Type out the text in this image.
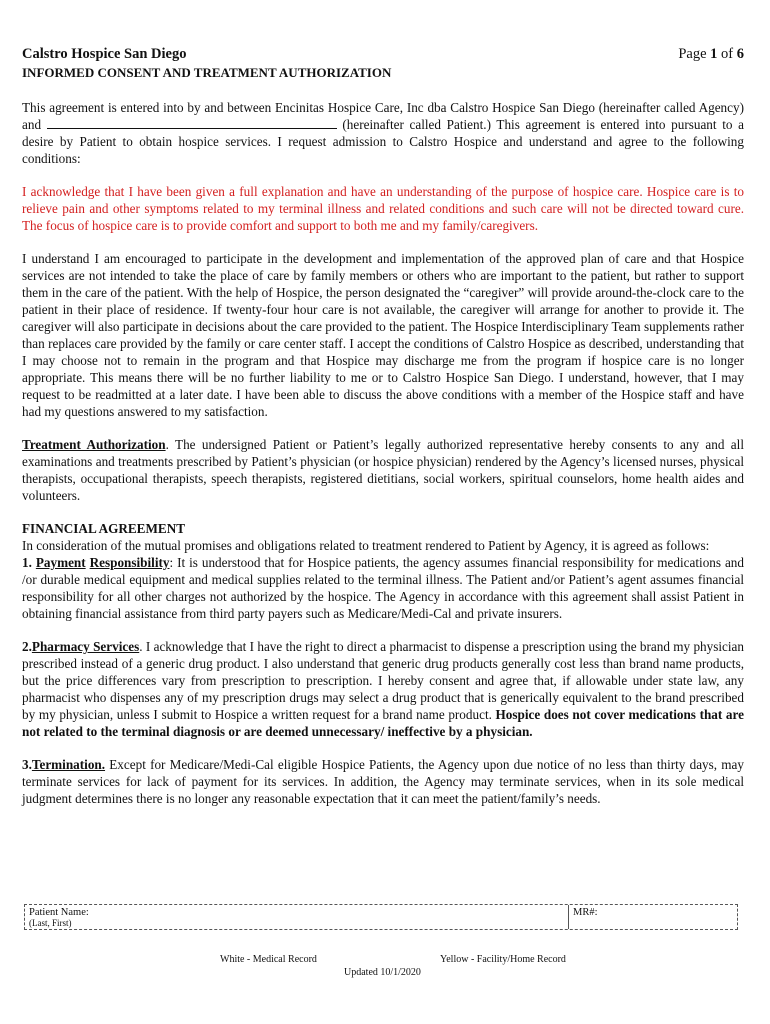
Calstro Hospice San Diego	Page 1 of 6
INFORMED CONSENT AND TREATMENT AUTHORIZATION

This agreement is entered into by and between Encinitas Hospice Care, Inc dba Calstro Hospice San Diego (hereinafter called Agency) and	(hereinafter called Patient.) This agreement is entered into pursuant to a desire by Patient to obtain hospice services. I request admission to Calstro Hospice and understand and agree to the following conditions:

I acknowledge that I have been given a full explanation and have an understanding of the purpose of hospice care. Hospice care is to relieve pain and other symptoms related to my terminal illness and related conditions and such care will not be directed toward cure. The focus of hospice care is to provide comfort and support to both me and my family/caregivers.

I understand I am encouraged to participate in the development and implementation of the approved plan of care and that Hospice services are not intended to take the place of care by family members or others who are important to the patient, but rather to support them in the care of the patient. With the help of Hospice, the person designated the “caregiver” will provide around-the-clock care to the patient in their place of residence. If twenty-four hour care is not available, the caregiver will arrange for another to provide it. The caregiver will also participate in decisions about the care provided to the patient. The Hospice Interdisciplinary Team supplements rather than replaces care provided by the family or care center staff. I accept the conditions of Calstro Hospice as described, understanding that I may choose not to remain in the program and that Hospice may discharge me from the program if hospice care is no longer appropriate. This means there will be no further liability to me or to Calstro Hospice San Diego. I understand, however, that I may request to be readmitted at a later date. I have been able to discuss the above conditions with a member of the Hospice staff and have had my questions answered to my satisfaction.

Treatment Authorization. The undersigned Patient or Patient’s legally authorized representative hereby consents to any and all examinations and treatments prescribed by Patient’s physician (or hospice physician) rendered by the Agency’s licensed nurses, physical therapists, occupational therapists, speech therapists, registered dietitians, social workers, spiritual counselors, home health aides and volunteers.

FINANCIAL AGREEMENT

In consideration of the mutual promises and obligations related to treatment rendered to Patient by Agency, it is agreed as follows:

1. Payment Responsibility: It is understood that for Hospice patients, the agency assumes financial responsibility for medications and /or durable medical equipment and medical supplies related to the terminal illness. The Patient and/or Patient’s agent assumes financial responsibility for all other charges not authorized by the hospice. The Agency in accordance with this agreement shall assist Patient in obtaining financial assistance from third party payers such as Medicare/Medi-Cal and private insurers.

2.Pharmacy Services. I acknowledge that I have the right to direct a pharmacist to dispense a prescription using the brand my physician prescribed instead of a generic drug product. I also understand that generic drug products generally cost less than brand name products, but the price differences vary from prescription to prescription. I hereby consent and agree that, if allowable under state law, any pharmacist who dispenses any of my prescription drugs may select a drug product that is generically equivalent to the brand prescribed by my physician, unless I submit to Hospice a written request for a brand name product. Hospice does not cover medications that are not related to the terminal diagnosis or are deemed unnecessary/ ineffective by a physician.

3.Termination. Except for Medicare/Medi-Cal eligible Hospice Patients, the Agency upon due notice of no less than thirty days, may terminate services for lack of payment for its services. In addition, the Agency may terminate services, when in its sole medical judgment determines there is no longer any reasonable expectation that it can meet the patient/family’s needs.

Patient Name:
(Last, First)
MR#:
White - Medical Record	Yellow - Facility/Home Record
Updated 10/1/2020
